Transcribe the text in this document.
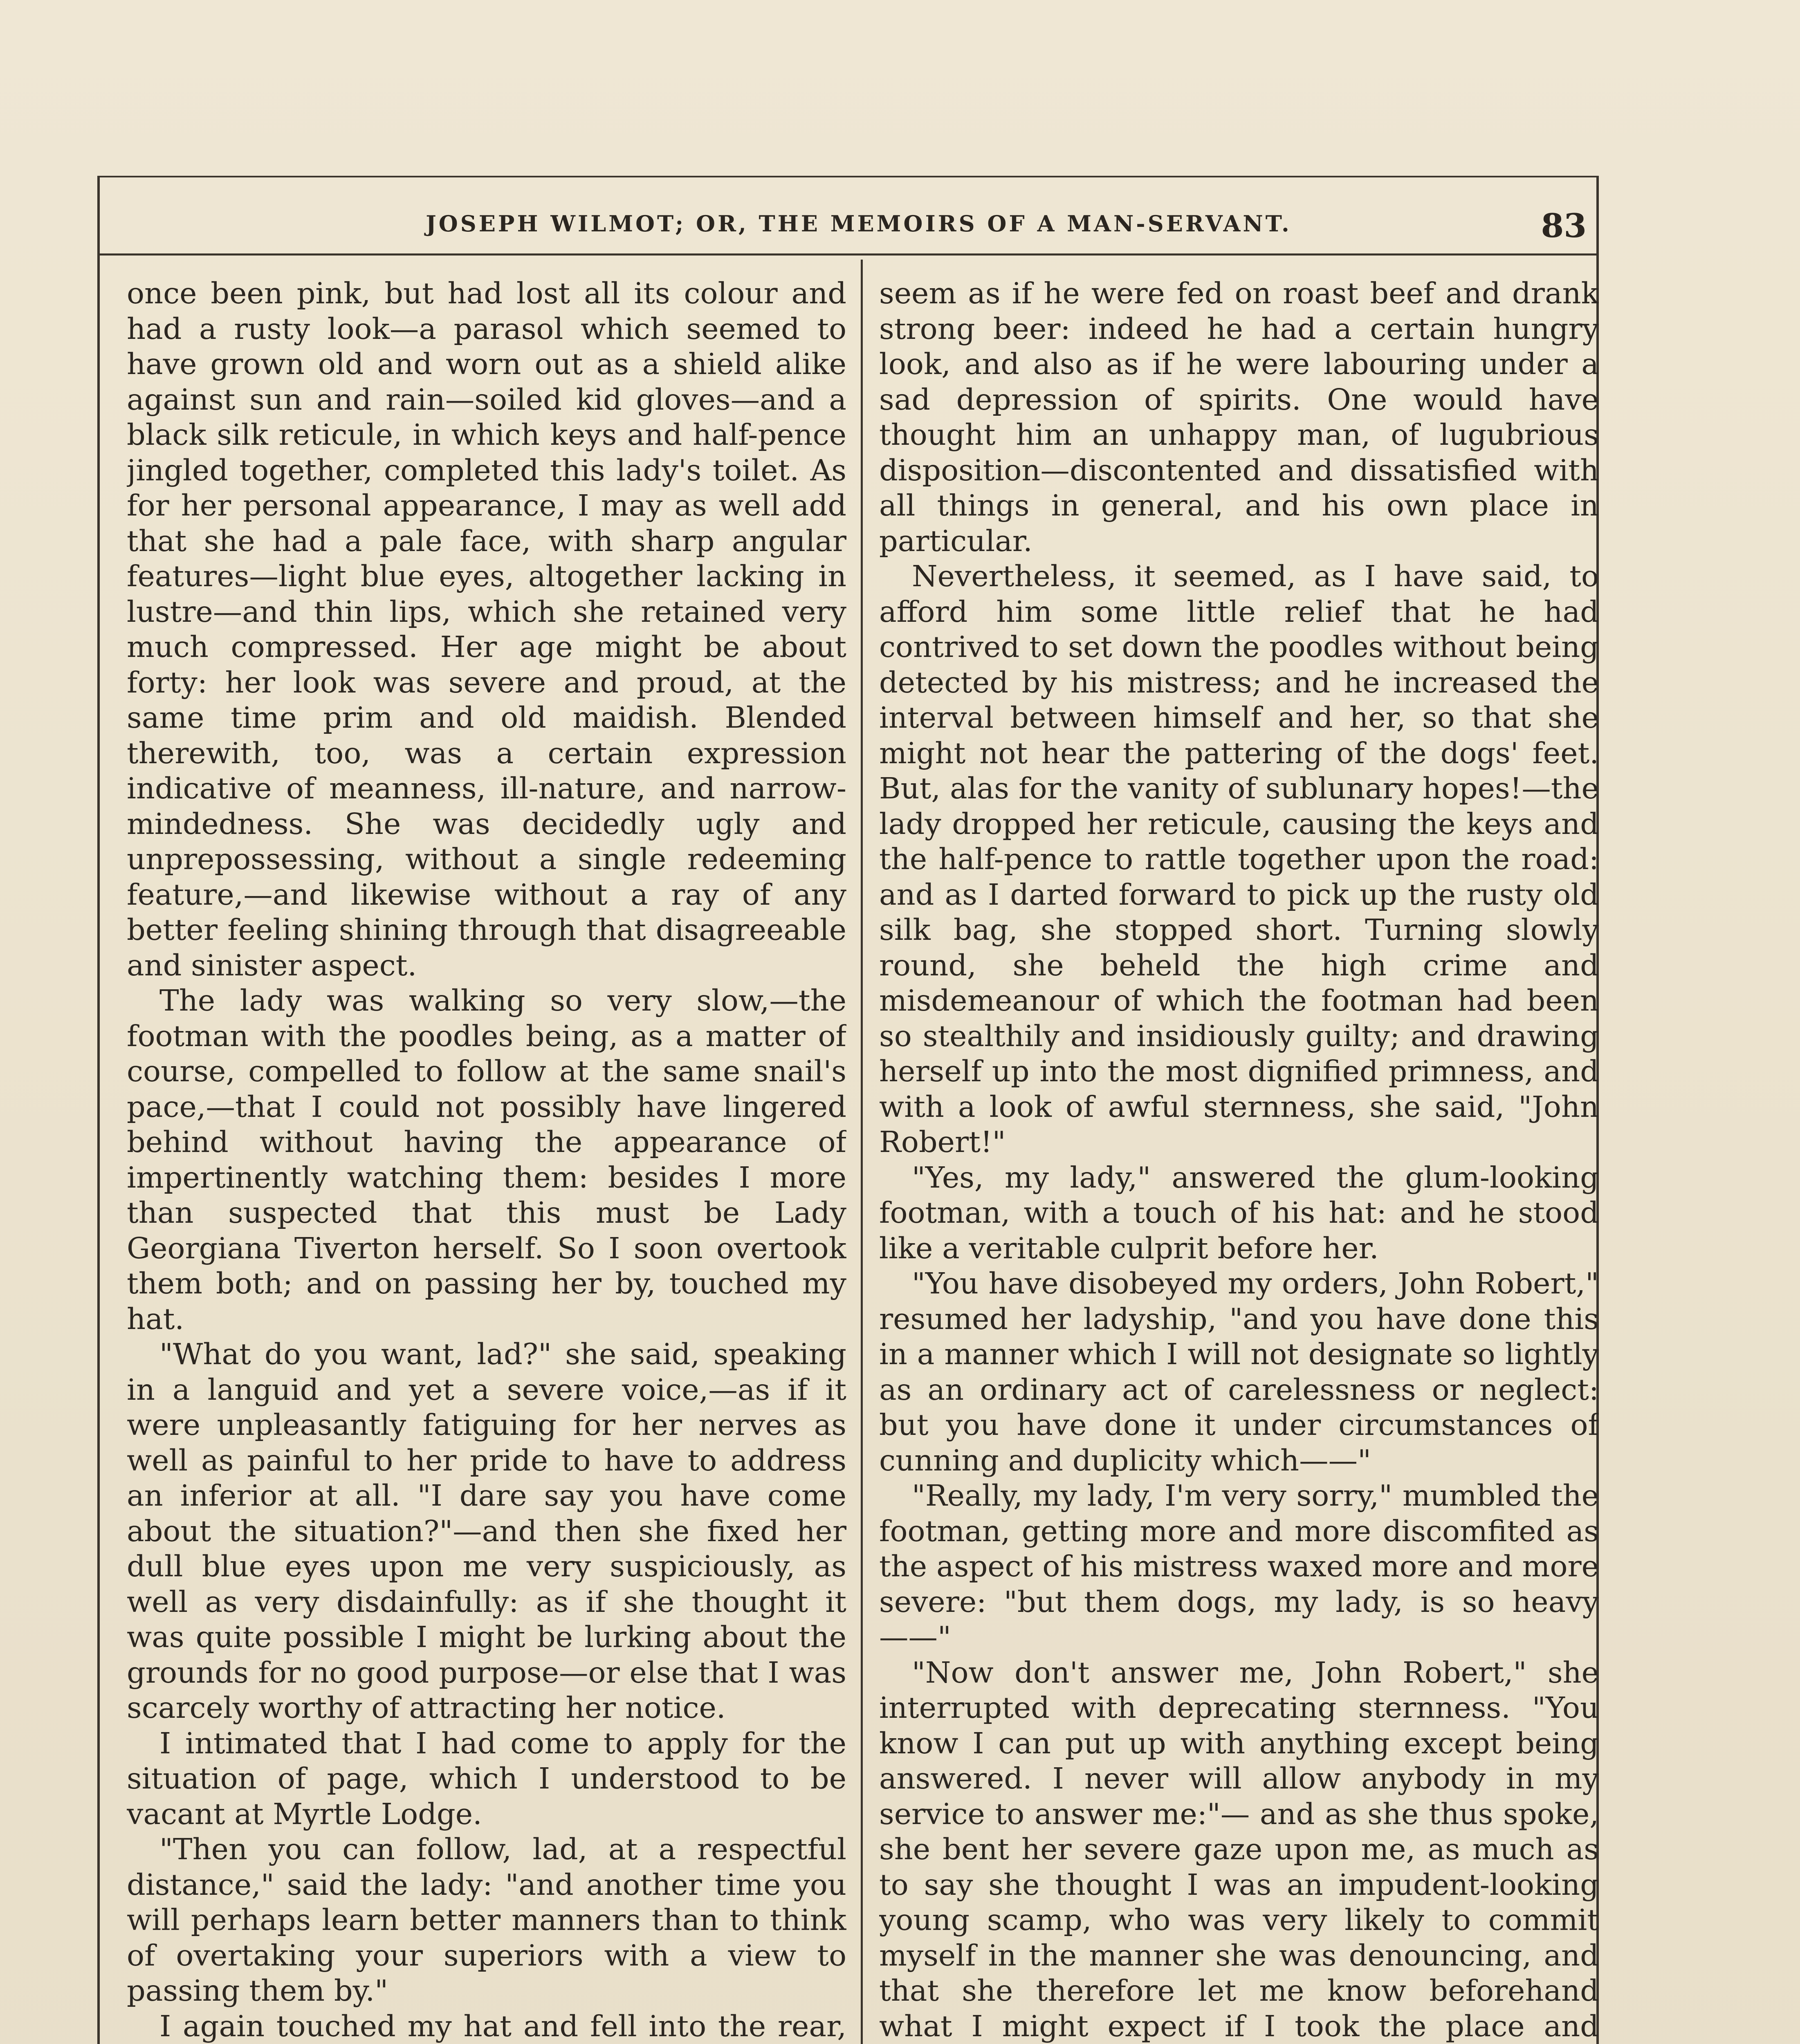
JOSEPH WILMOT; OR, THE MEMOIRS OF A MAN-SERVANT.	83

once been pink, but had lost all its colour and had a rusty look—a parasol which seemed to have grown old and worn out as a shield alike against sun and rain—soiled kid gloves—and a black silk reticule, in which keys and half-pence jingled together, completed this lady's toilet. As for her personal appearance, I may as well add that she had a pale face, with sharp angular features—light blue eyes, altogether lacking in lustre—and thin lips, which she retained very much compressed. Her age might be about forty: her look was severe and proud, at the same time prim and old maidish. Blended therewith, too, was a certain expression indicative of meanness, ill-nature, and narrow-mindedness. She was decidedly ugly and unprepossessing, without a single redeeming feature,—and likewise without a ray of any better feeling shining through that disagreeable and sinister aspect.

The lady was walking so very slow,—the footman with the poodles being, as a matter of course, compelled to follow at the same snail's pace,—that I could not possibly have lingered behind without having the appearance of impertinently watching them: besides I more than suspected that this must be Lady Georgiana Tiverton herself. So I soon overtook them both; and on passing her by, touched my hat.

"What do you want, lad?" she said, speaking in a languid and yet a severe voice,—as if it were unpleasantly fatiguing for her nerves as well as painful to her pride to have to address an inferior at all. "I dare say you have come about the situation?"—and then she fixed her dull blue eyes upon me very suspiciously, as well as very disdainfully: as if she thought it was quite possible I might be lurking about the grounds for no good purpose—or else that I was scarcely worthy of attracting her notice.

I intimated that I had come to apply for the situation of page, which I understood to be vacant at Myrtle Lodge.

"Then you can follow, lad, at a respectful distance," said the lady: "and another time you will perhaps learn better manners than to think of overtaking your superiors with a view to passing them by."

I again touched my hat and fell into the rear,

seem as if he were fed on roast beef and drank strong beer: indeed he had a certain hungry look, and also as if he were labouring under a sad depression of spirits. One would have thought him an unhappy man, of lugubrious disposition—discontented and dissatisfied with all things in general, and his own place in particular.

Nevertheless, it seemed, as I have said, to afford him some little relief that he had contrived to set down the poodles without being detected by his mistress; and he increased the interval between himself and her, so that she might not hear the pattering of the dogs' feet. But, alas for the vanity of sublunary hopes!—the lady dropped her reticule, causing the keys and the half-pence to rattle together upon the road: and as I darted forward to pick up the rusty old silk bag, she stopped short. Turning slowly round, she beheld the high crime and misdemeanour of which the footman had been so stealthily and insidiously guilty; and drawing herself up into the most dignified primness, and with a look of awful sternness, she said, "John Robert!"

"Yes, my lady," answered the glum-looking footman, with a touch of his hat: and he stood like a veritable culprit before her.

"You have disobeyed my orders, John Robert," resumed her ladyship, "and you have done this in a manner which I will not designate so lightly as an ordinary act of carelessness or neglect: but you have done it under circumstances of cunning and duplicity which——"

"Really, my lady, I'm very sorry," mumbled the footman, getting more and more discomfited as the aspect of his mistress waxed more and more severe: "but them dogs, my lady, is so heavy——"

"Now don't answer me, John Robert," she interrupted with deprecating sternness. "You know I can put up with anything except being answered. I never will allow anybody in my service to answer me:"— and as she thus spoke, she bent her severe gaze upon me, as much as to say she thought I was an impudent-looking young scamp, who was very likely to commit myself in the manner she was denouncing, and that she therefore let me know beforehand what I might expect if I took the place and
